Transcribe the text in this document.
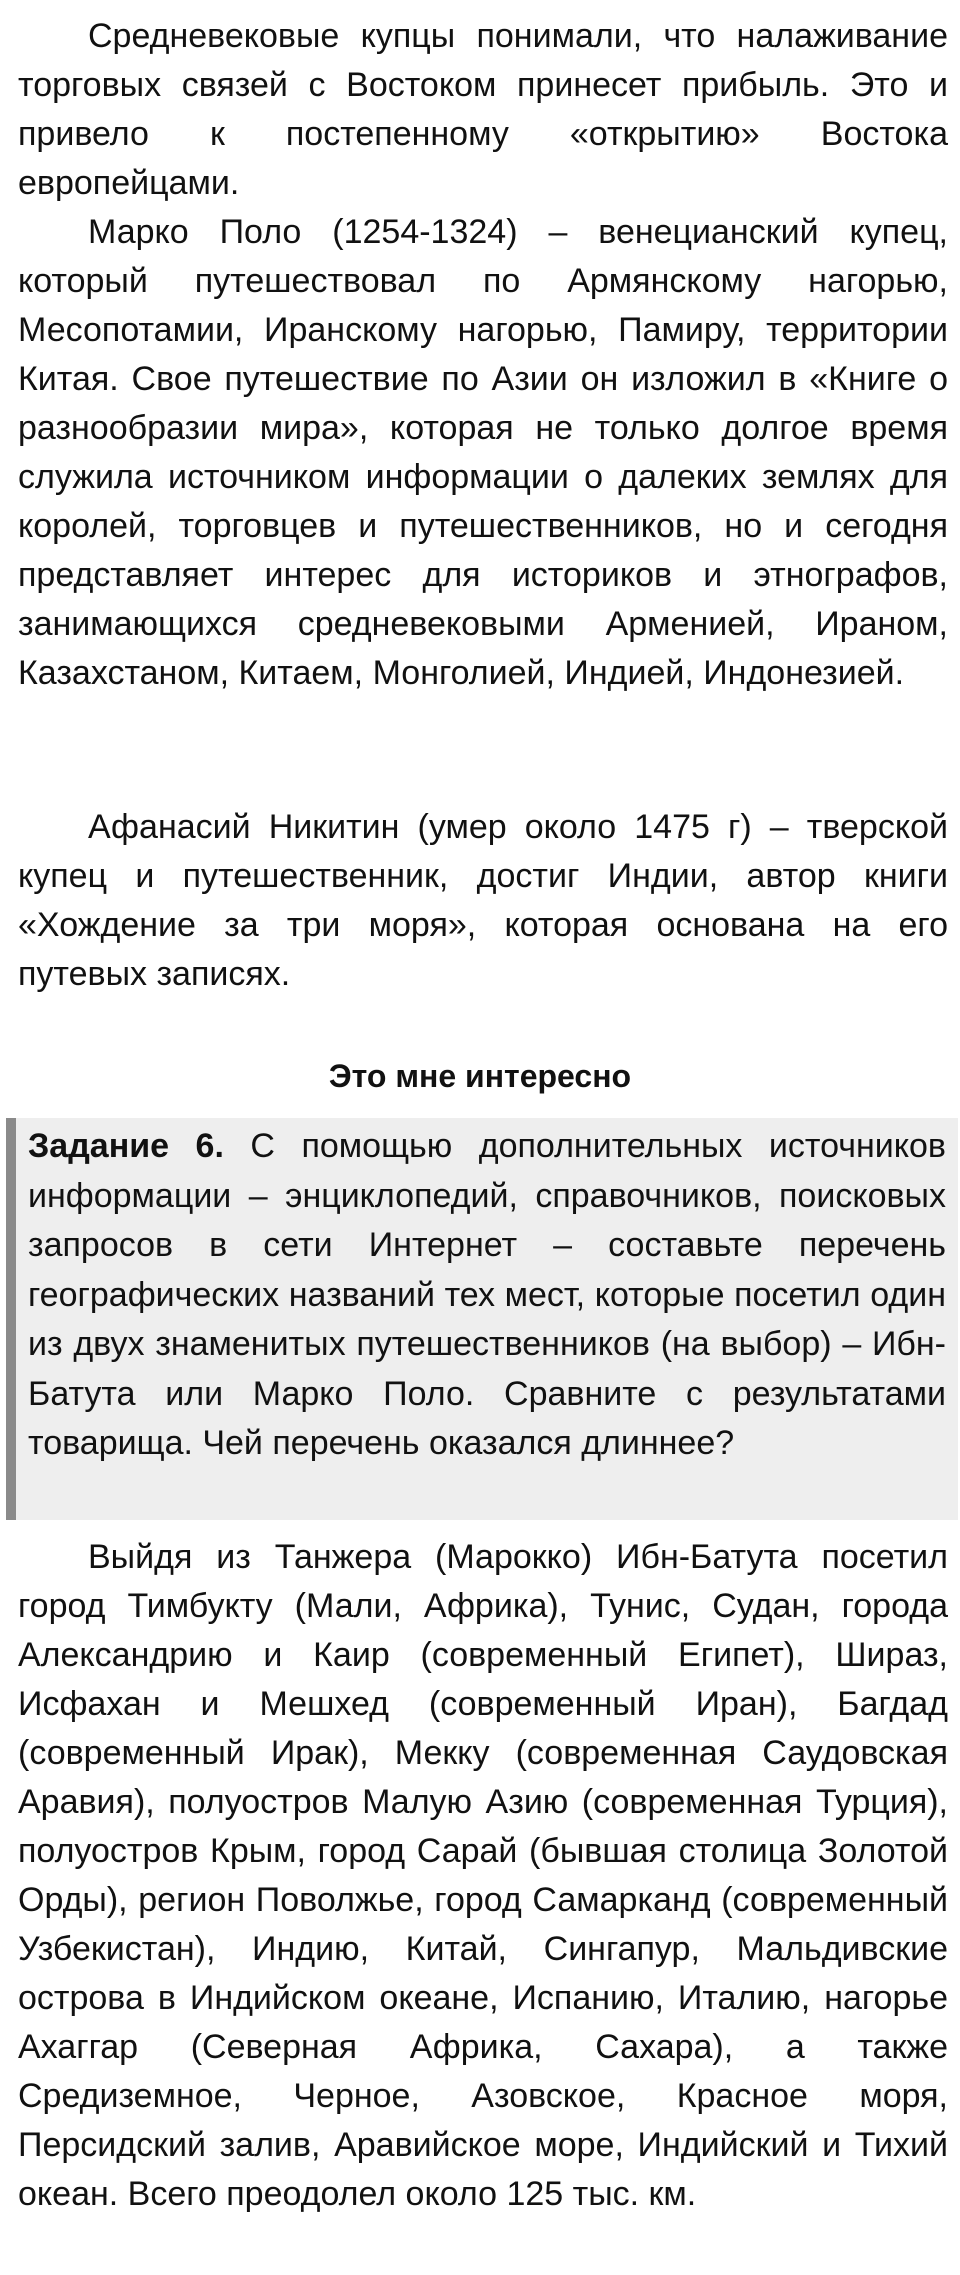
Средневековые купцы понимали, что налаживание торговых связей с Востоком принесет прибыль. Это и привело к постепенному «открытию» Востока европейцами.

Марко Поло (1254-1324) – венецианский купец, который путешествовал по Армянскому нагорью, Месопотамии, Иранскому нагорью, Памиру, территории Китая. Свое путешествие по Азии он изложил в «Книге о разнообразии мира», которая не только долгое время служила источником информации о далеких землях для королей, торговцев и путешественников, но и сегодня представляет интерес для историков и этнографов, занимающихся средневековыми Арменией, Ираном, Казахстаном, Китаем, Монголией, Индией, Индонезией.

Афанасий Никитин (умер около 1475 г) – тверской купец и путешественник, достиг Индии, автор книги «Хождение за три моря», которая основана на его путевых записях.

Это мне интересно

Задание 6. С помощью дополнительных источников информации – энциклопедий, справочников, поисковых запросов в сети Интернет – составьте перечень географических названий тех мест, которые посетил один из двух знаменитых путешественников (на выбор) – Ибн-Батута или Марко Поло. Сравните с результатами товарища. Чей перечень оказался длиннее?

Выйдя из Танжера (Марокко) Ибн-Батута посетил город Тимбукту (Мали, Африка), Тунис, Судан, города Александрию и Каир (современный Египет), Шираз, Исфахан и Мешхед (современный Иран), Багдад (современный Ирак), Мекку (современная Саудовская Аравия), полуостров Малую Азию (современная Турция), полуостров Крым, город Сарай (бывшая столица Золотой Орды), регион Поволжье, город Самарканд (современный Узбекистан), Индию, Китай, Сингапур, Мальдивские острова в Индийском океане, Испанию, Италию, нагорье Ахаггар (Северная Африка, Сахара), а также Средиземное, Черное, Азовское, Красное моря, Персидский залив, Аравийское море, Индийский и Тихий океан. Всего преодолел около 125 тыс. км.
